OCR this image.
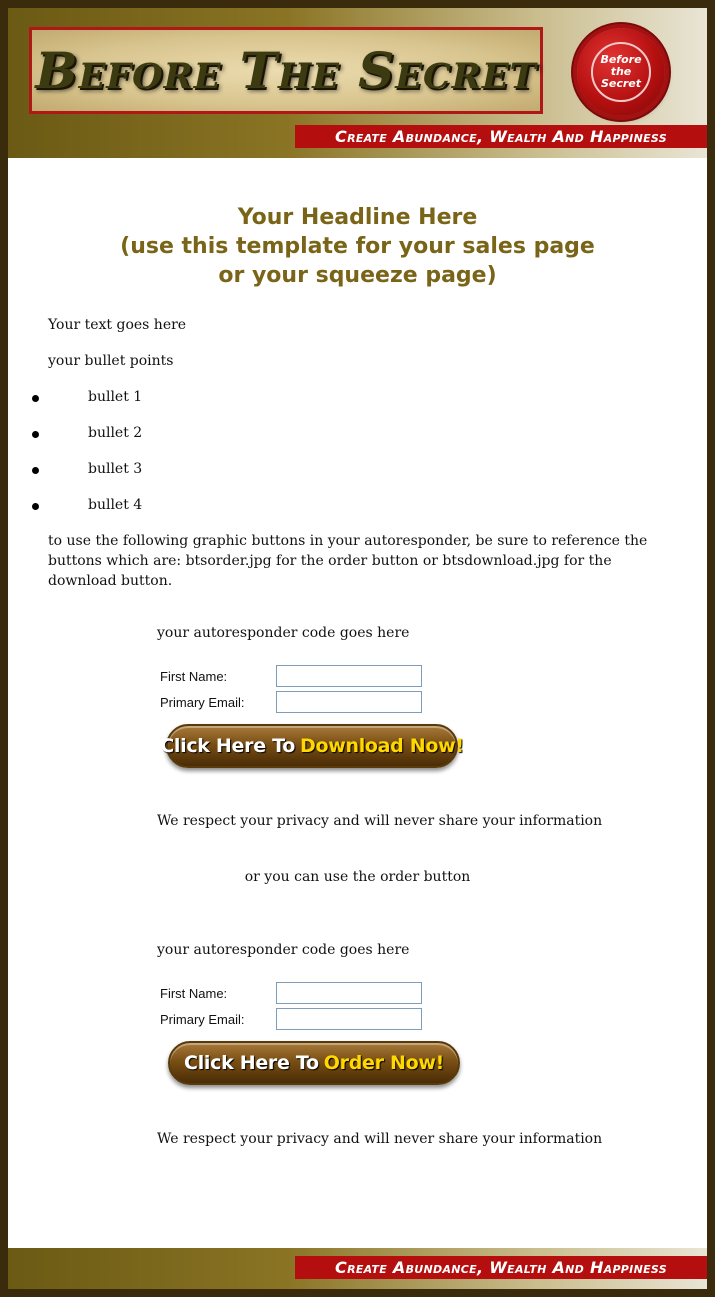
Before The Secret	Before
the
Secret
Create Abundance, Wealth And Happiness
Your Headline Here
(use this template for your sales page
or your squeeze page)
Your text goes here
your bullet points
bullet 1
bullet 2
bullet 3
bullet 4
to use the following graphic buttons in your autoresponder, be sure to reference the buttons which are: btsorder.jpg for the order button or btsdownload.jpg for the download button.
your autoresponder code goes here
First Name:
Primary Email:
Click Here To Download Now!
We respect your privacy and will never share your information
or you can use the order button
your autoresponder code goes here
First Name:
Primary Email:
Click Here To Order Now!
We respect your privacy and will never share your information
Create Abundance, Wealth And Happiness
